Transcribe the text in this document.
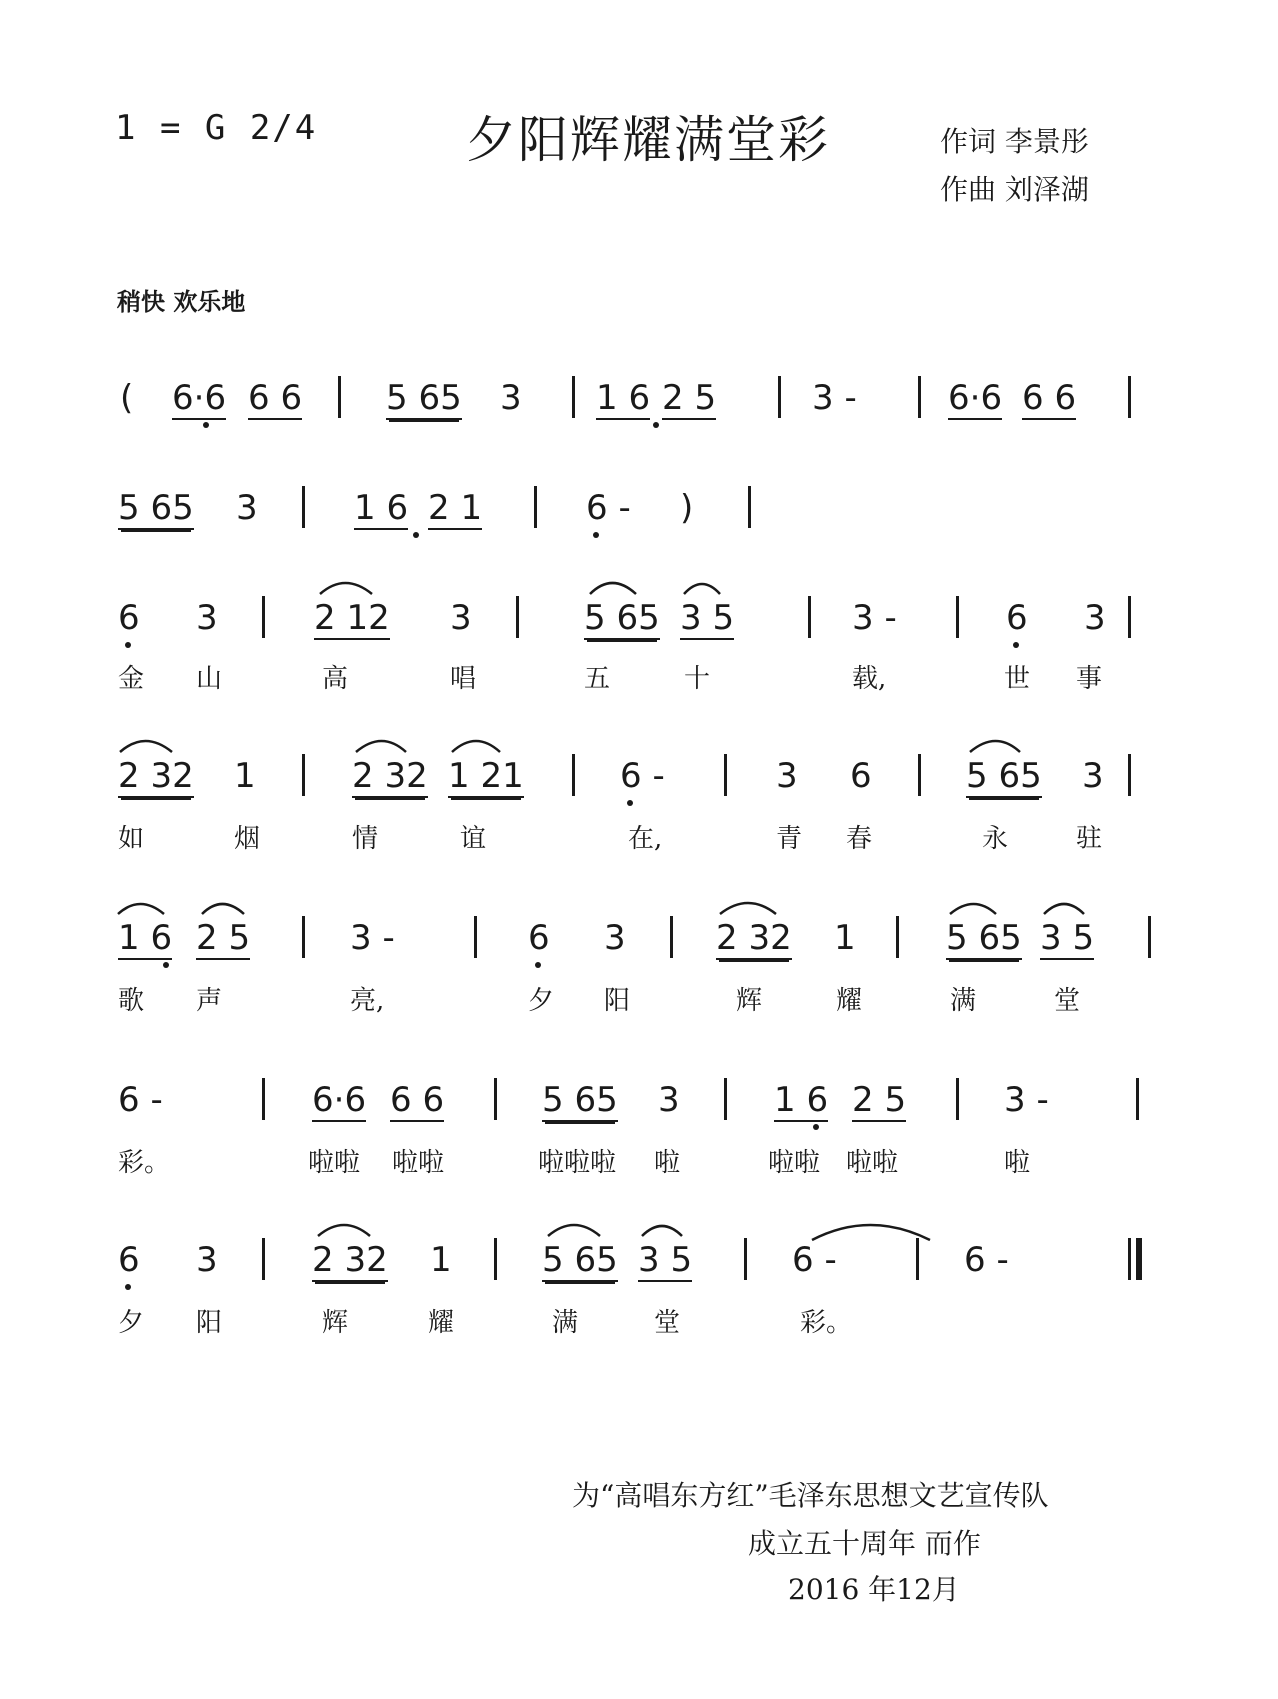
1 = G 2/4	夕阳辉耀满堂彩	作词 李景彤
作曲 刘泽湖
稍快 欢乐地
( 6·6 6 6 5 65 3 1 6 2 5	3 -	6·6 6 6
5 65 3	1 6 2 1	6 - )
6 3	2 12 3	5 65 3 5	3 -	6 3
金 山	高	唱	五	十	载,	世 事
2 32 1	2 32 1 21	6 -	3 6	5 65 3
如	烟	情	谊	在,	青 春	永	驻
1 6 2 5	3 -	6 3	2 32 1	5 65 3 5
歌 声	亮,	夕 阳	辉	耀	满	堂
6 -	6·6 6 6	5 65 3	1 6 2 5	3 -
彩。	啦啦 啦啦	啦啦啦 啦	啦啦 啦啦	啦
6 3	2 32 1	5 65 3 5	6 -	6 -
夕 阳	辉	耀	满	堂	彩。
为“高唱东方红”毛泽东思想文艺宣传队
成立五十周年 而作
2016 年12月
